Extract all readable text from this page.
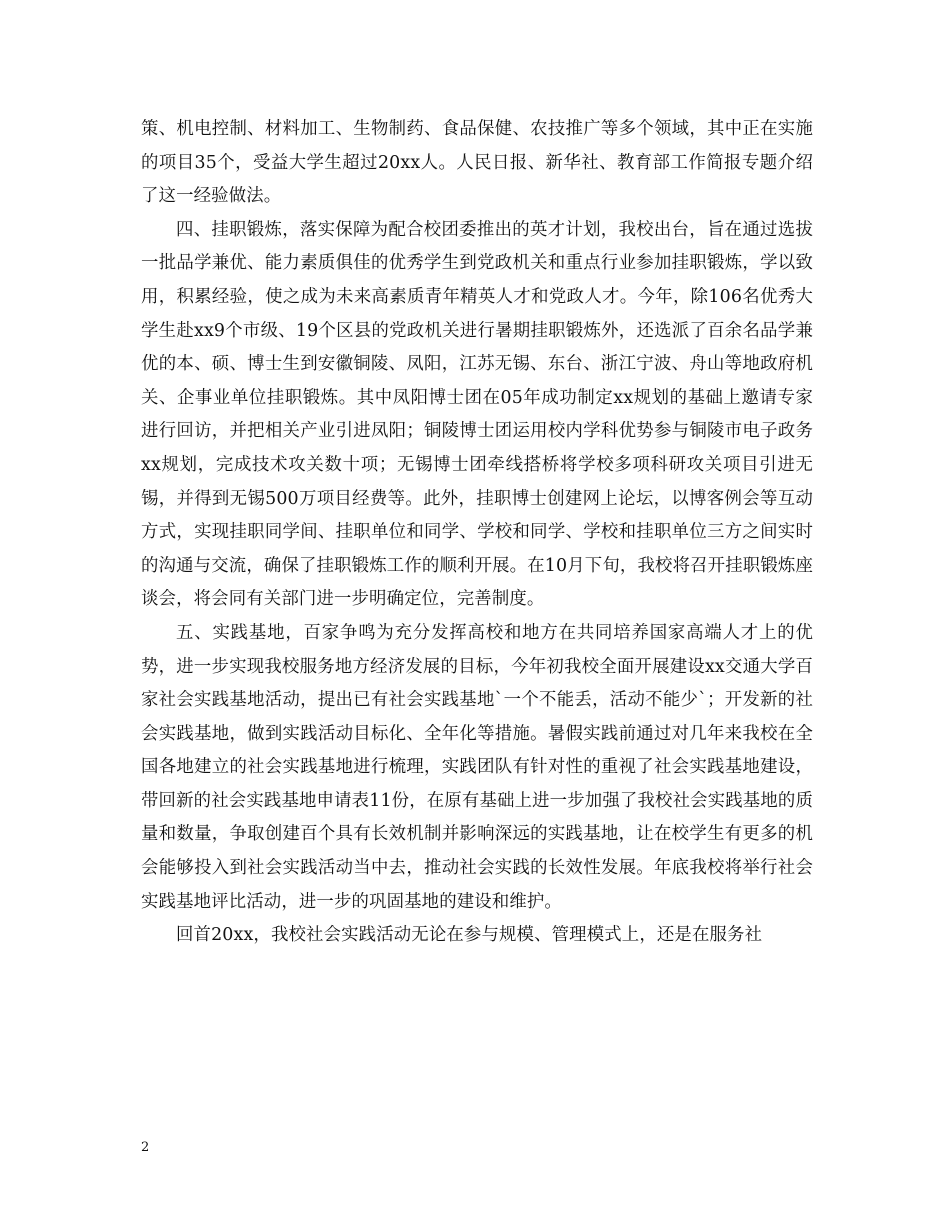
策、机电控制、材料加工、生物制药、食品保健、农技推广等多个领域，其中正在实施的项目35个，受益大学生超过20xx人。人民日报、新华社、教育部工作简报专题介绍了这一经验做法。

四、挂职锻炼，落实保障为配合校团委推出的英才计划，我校出台，旨在通过选拔一批品学兼优、能力素质俱佳的优秀学生到党政机关和重点行业参加挂职锻炼，学以致用，积累经验，使之成为未来高素质青年精英人才和党政人才。今年，除106名优秀大学生赴xx9个市级、19个区县的党政机关进行暑期挂职锻炼外，还选派了百余名品学兼优的本、硕、博士生到安徽铜陵、凤阳，江苏无锡、东台、浙江宁波、舟山等地政府机关、企事业单位挂职锻炼。其中凤阳博士团在05年成功制定xx规划的基础上邀请专家进行回访，并把相关产业引进凤阳；铜陵博士团运用校内学科优势参与铜陵市电子政务xx规划，完成技术攻关数十项；无锡博士团牵线搭桥将学校多项科研攻关项目引进无锡，并得到无锡500万项目经费等。此外，挂职博士创建网上论坛，以博客例会等互动方式，实现挂职同学间、挂职单位和同学、学校和同学、学校和挂职单位三方之间实时的沟通与交流，确保了挂职锻炼工作的顺利开展。在10月下旬，我校将召开挂职锻炼座谈会，将会同有关部门进一步明确定位，完善制度。

五、实践基地，百家争鸣为充分发挥高校和地方在共同培养国家高端人才上的优势，进一步实现我校服务地方经济发展的目标，今年初我校全面开展建设xx交通大学百家社会实践基地活动，提出已有社会实践基地`一个不能丢，活动不能少`；开发新的社会实践基地，做到实践活动目标化、全年化等措施。暑假实践前通过对几年来我校在全国各地建立的社会实践基地进行梳理，实践团队有针对性的重视了社会实践基地建设，带回新的社会实践基地申请表11份，在原有基础上进一步加强了我校社会实践基地的质量和数量，争取创建百个具有长效机制并影响深远的实践基地，让在校学生有更多的机会能够投入到社会实践活动当中去，推动社会实践的长效性发展。年底我校将举行社会实践基地评比活动，进一步的巩固基地的建设和维护。

回首20xx，我校社会实践活动无论在参与规模、管理模式上，还是在服务社

2
